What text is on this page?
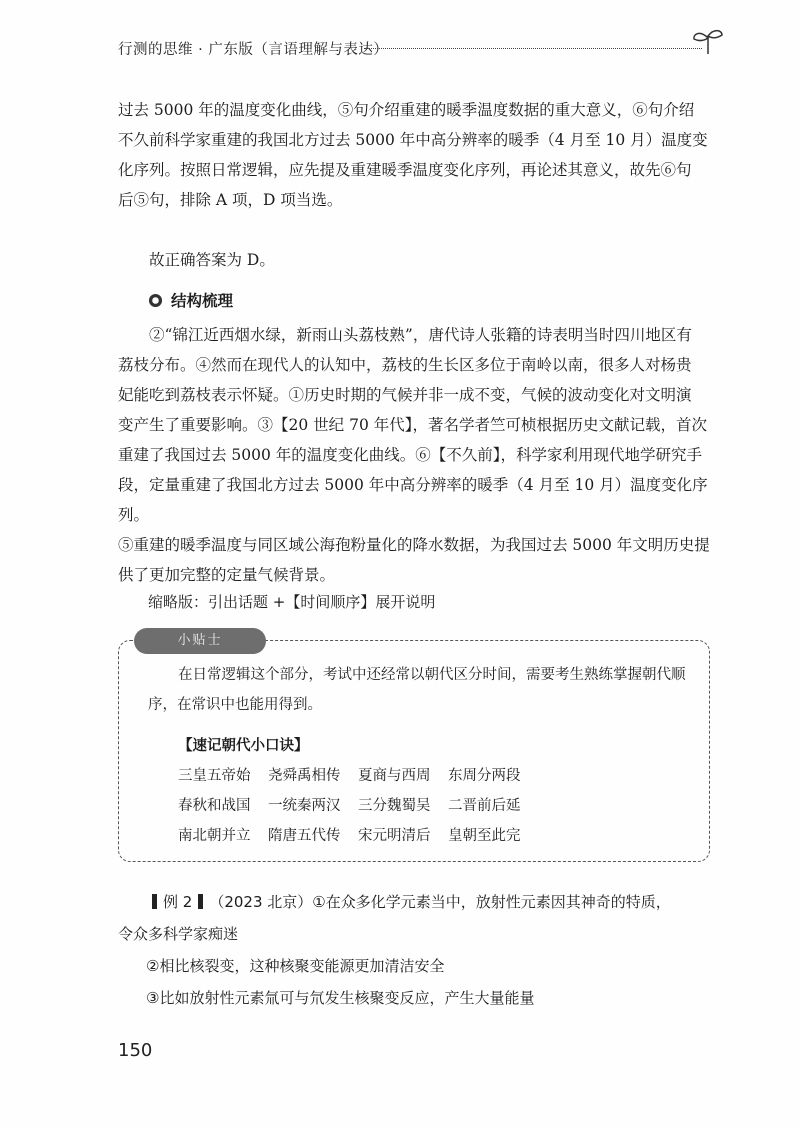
行测的思维 · 广东版（言语理解与表达）

过去 5000 年的温度变化曲线，⑤句介绍重建的暖季温度数据的重大意义，⑥句介绍

不久前科学家重建的我国北方过去 5000 年中高分辨率的暖季（4 月至 10 月）温度变

化序列。按照日常逻辑，应先提及重建暖季温度变化序列，再论述其意义，故先⑥句

后⑤句，排除 A 项，D 项当选。

故正确答案为 D。
结构梳理

②“锦江近西烟水绿，新雨山头荔枝熟”，唐代诗人张籍的诗表明当时四川地区有

荔枝分布。④然而在现代人的认知中，荔枝的生长区多位于南岭以南，很多人对杨贵

妃能吃到荔枝表示怀疑。①历史时期的气候并非一成不变，气候的波动变化对文明演

变产生了重要影响。③【20 世纪 70 年代】，著名学者竺可桢根据历史文献记载，首次

重建了我国过去 5000 年的温度变化曲线。⑥【不久前】，科学家利用现代地学研究手

段，定量重建了我国北方过去 5000 年中高分辨率的暖季（4 月至 10 月）温度变化序列。

⑤重建的暖季温度与同区域公海孢粉量化的降水数据，为我国过去 5000 年文明历史提

供了更加完整的定量气候背景。

缩略版：引出话题 +【时间顺序】展开说明
小贴士
在日常逻辑这个部分，考试中还经常以朝代区分时间，需要考生熟练掌握朝代顺序，在常识中也能用得到。
【速记朝代小口诀】
三皇五帝始	尧舜禹相传	夏商与西周	东周分两段
春秋和战国	一统秦两汉	三分魏蜀吴	二晋前后延
南北朝并立	隋唐五代传	宋元明清后	皇朝至此完

例 2 （2023 北京）①在众多化学元素当中，放射性元素因其神奇的特质，

令众多科学家痴迷

②相比核裂变，这种核聚变能源更加清洁安全

③比如放射性元素氚可与氘发生核聚变反应，产生大量能量

150
